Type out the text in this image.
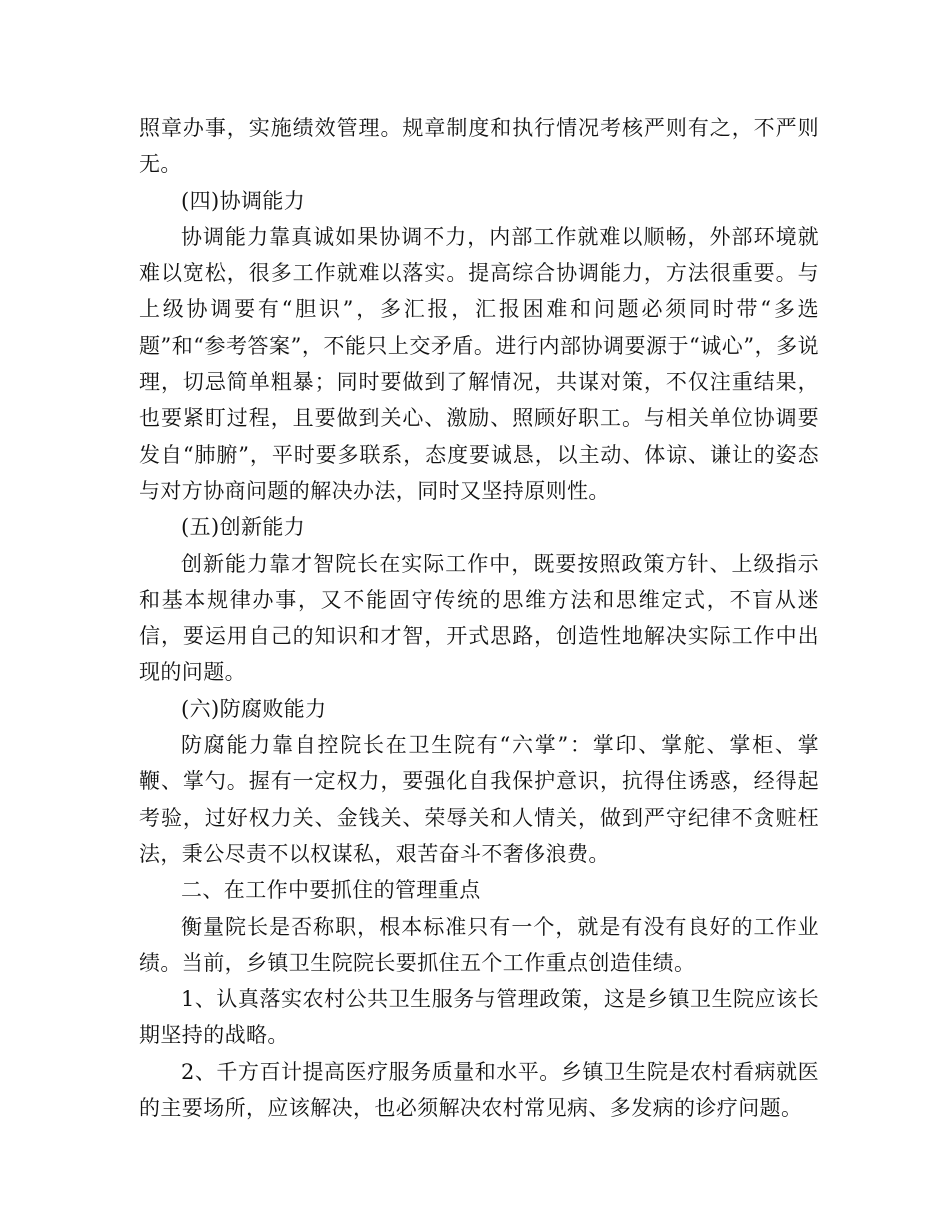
照章办事，实施绩效管理。规章制度和执行情况考核严则有之，不严则无。

(四)协调能力

协调能力靠真诚如果协调不力，内部工作就难以顺畅，外部环境就难以宽松，很多工作就难以落实。提高综合协调能力，方法很重要。与上级协调要有“胆识”，多汇报，汇报困难和问题必须同时带“多选题”和“参考答案”，不能只上交矛盾。进行内部协调要源于“诚心”，多说理，切忌简单粗暴；同时要做到了解情况，共谋对策，不仅注重结果，也要紧盯过程，且要做到关心、激励、照顾好职工。与相关单位协调要发自“肺腑”，平时要多联系，态度要诚恳，以主动、体谅、谦让的姿态与对方协商问题的解决办法，同时又坚持原则性。

(五)创新能力

创新能力靠才智院长在实际工作中，既要按照政策方针、上级指示和基本规律办事，又不能固守传统的思维方法和思维定式，不盲从迷信，要运用自己的知识和才智，开式思路，创造性地解决实际工作中出现的问题。

(六)防腐败能力

防腐能力靠自控院长在卫生院有“六掌”：掌印、掌舵、掌柜、掌鞭、掌勺。握有一定权力，要强化自我保护意识，抗得住诱惑，经得起考验，过好权力关、金钱关、荣辱关和人情关，做到严守纪律不贪赃枉法，秉公尽责不以权谋私，艰苦奋斗不奢侈浪费。

二、在工作中要抓住的管理重点

衡量院长是否称职，根本标准只有一个，就是有没有良好的工作业绩。当前，乡镇卫生院院长要抓住五个工作重点创造佳绩。

1、认真落实农村公共卫生服务与管理政策，这是乡镇卫生院应该长期坚持的战略。

2、千方百计提高医疗服务质量和水平。乡镇卫生院是农村看病就医的主要场所，应该解决，也必须解决农村常见病、多发病的诊疗问题。
